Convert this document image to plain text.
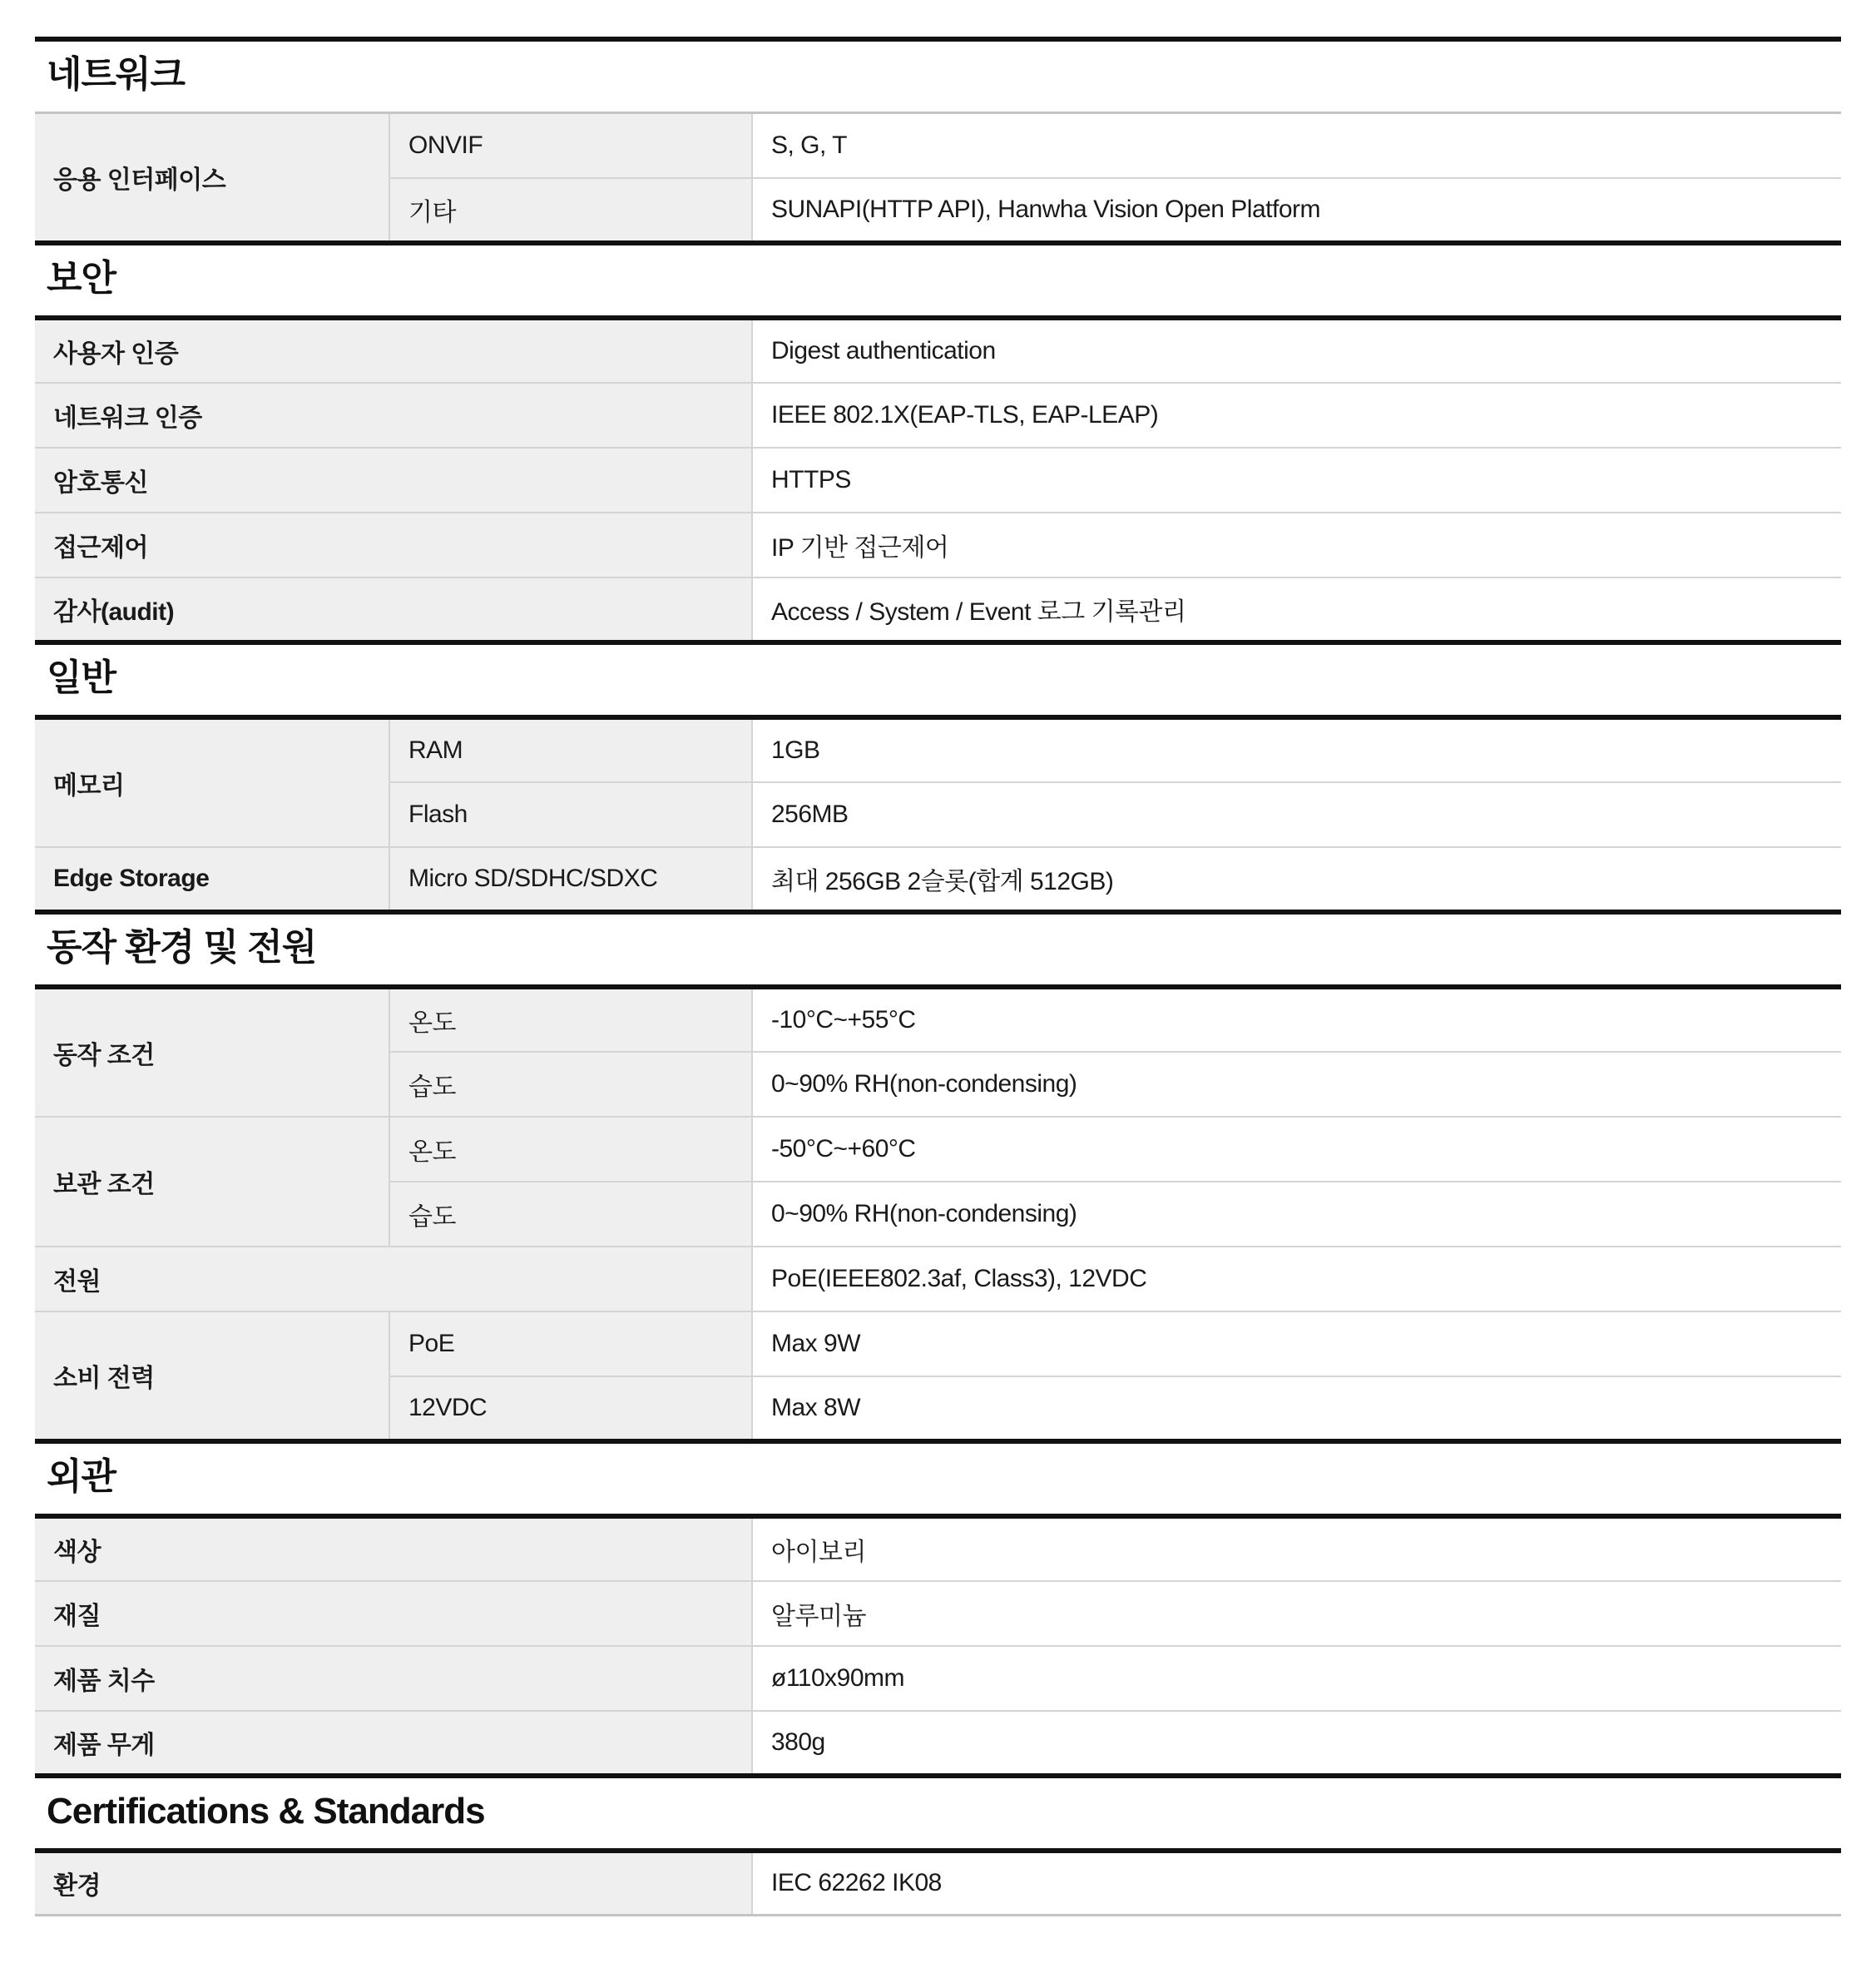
네트워크
응용 인터페이스	ONVIF	S, G, T
	기타	SUNAPI(HTTP API), Hanwha Vision Open Platform
보안
사용자 인증	Digest authentication
네트워크 인증	IEEE 802.1X(EAP-TLS, EAP-LEAP)
암호통신	HTTPS
접근제어	IP 기반 접근제어
감사(audit)	Access / System / Event 로그 기록관리
일반
메모리	RAM	1GB
	Flash	256MB
Edge Storage	Micro SD/SDHC/SDXC	최대 256GB 2슬롯(합계 512GB)
동작 환경 및 전원
동작 조건	온도	-10°C~+55°C
	습도	0~90% RH(non-condensing)
보관 조건	온도	-50°C~+60°C
	습도	0~90% RH(non-condensing)
전원		PoE(IEEE802.3af, Class3), 12VDC
소비 전력	PoE	Max 9W
	12VDC	Max 8W
외관
색상	아이보리
재질	알루미늄
제품 치수	ø110x90mm
제품 무게	380g
Certifications & Standards
환경	IEC 62262 IK08
